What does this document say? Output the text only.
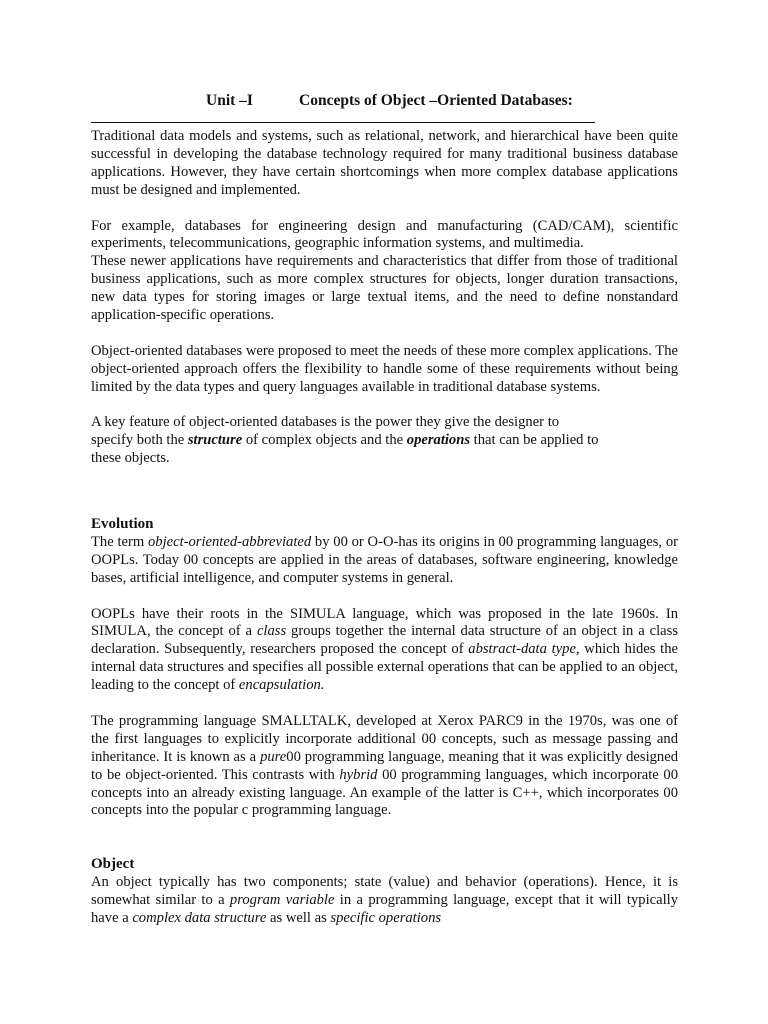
Unit –I	Concepts of Object –Oriented Databases:

Traditional data models and systems, such as relational, network, and hierarchical have been quite successful in developing the database technology required for many traditional business database applications. However, they have certain shortcomings when more complex database applications must be designed and implemented.

For example, databases for engineering design and manufacturing (CAD/CAM), scientific experiments, telecommunications, geographic information systems, and multimedia.

These newer applications have requirements and characteristics that differ from those of traditional business applications, such as more complex structures for objects, longer duration transactions, new data types for storing images or large textual items, and the need to define nonstandard application-specific operations.

Object-oriented databases were proposed to meet the needs of these more complex applications. The object-oriented approach offers the flexibility to handle some of these requirements without being limited by the data types and query languages available in traditional database systems.

A key feature of object-oriented databases is the power they give the designer to
specify both the structure of complex objects and the operations that can be applied to
these objects.

Evolution

The term object-oriented-abbreviated by 00 or O-O-has its origins in 00 programming languages, or OOPLs. Today 00 concepts are applied in the areas of databases, software engineering, knowledge bases, artificial intelligence, and computer systems in general.

OOPLs have their roots in the SIMULA language, which was proposed in the late 1960s. In SIMULA, the concept of a class groups together the internal data structure of an object in a class declaration. Subsequently, researchers proposed the concept of abstract-data type, which hides the internal data structures and specifies all possible external operations that can be applied to an object, leading to the concept of encapsulation.

The programming language SMALLTALK, developed at Xerox PARC9 in the 1970s, was one of the first languages to explicitly incorporate additional 00 concepts, such as message passing and inheritance. It is known as a pure00 programming language, meaning that it was explicitly designed to be object-oriented. This contrasts with hybrid 00 programming languages, which incorporate 00 concepts into an already existing language. An example of the latter is C++, which incorporates 00 concepts into the popular c programming language.

Object

An object typically has two components; state (value) and behavior (operations). Hence, it is somewhat similar to a program variable in a programming language, except that it will typically have a complex data structure as well as specific operations
